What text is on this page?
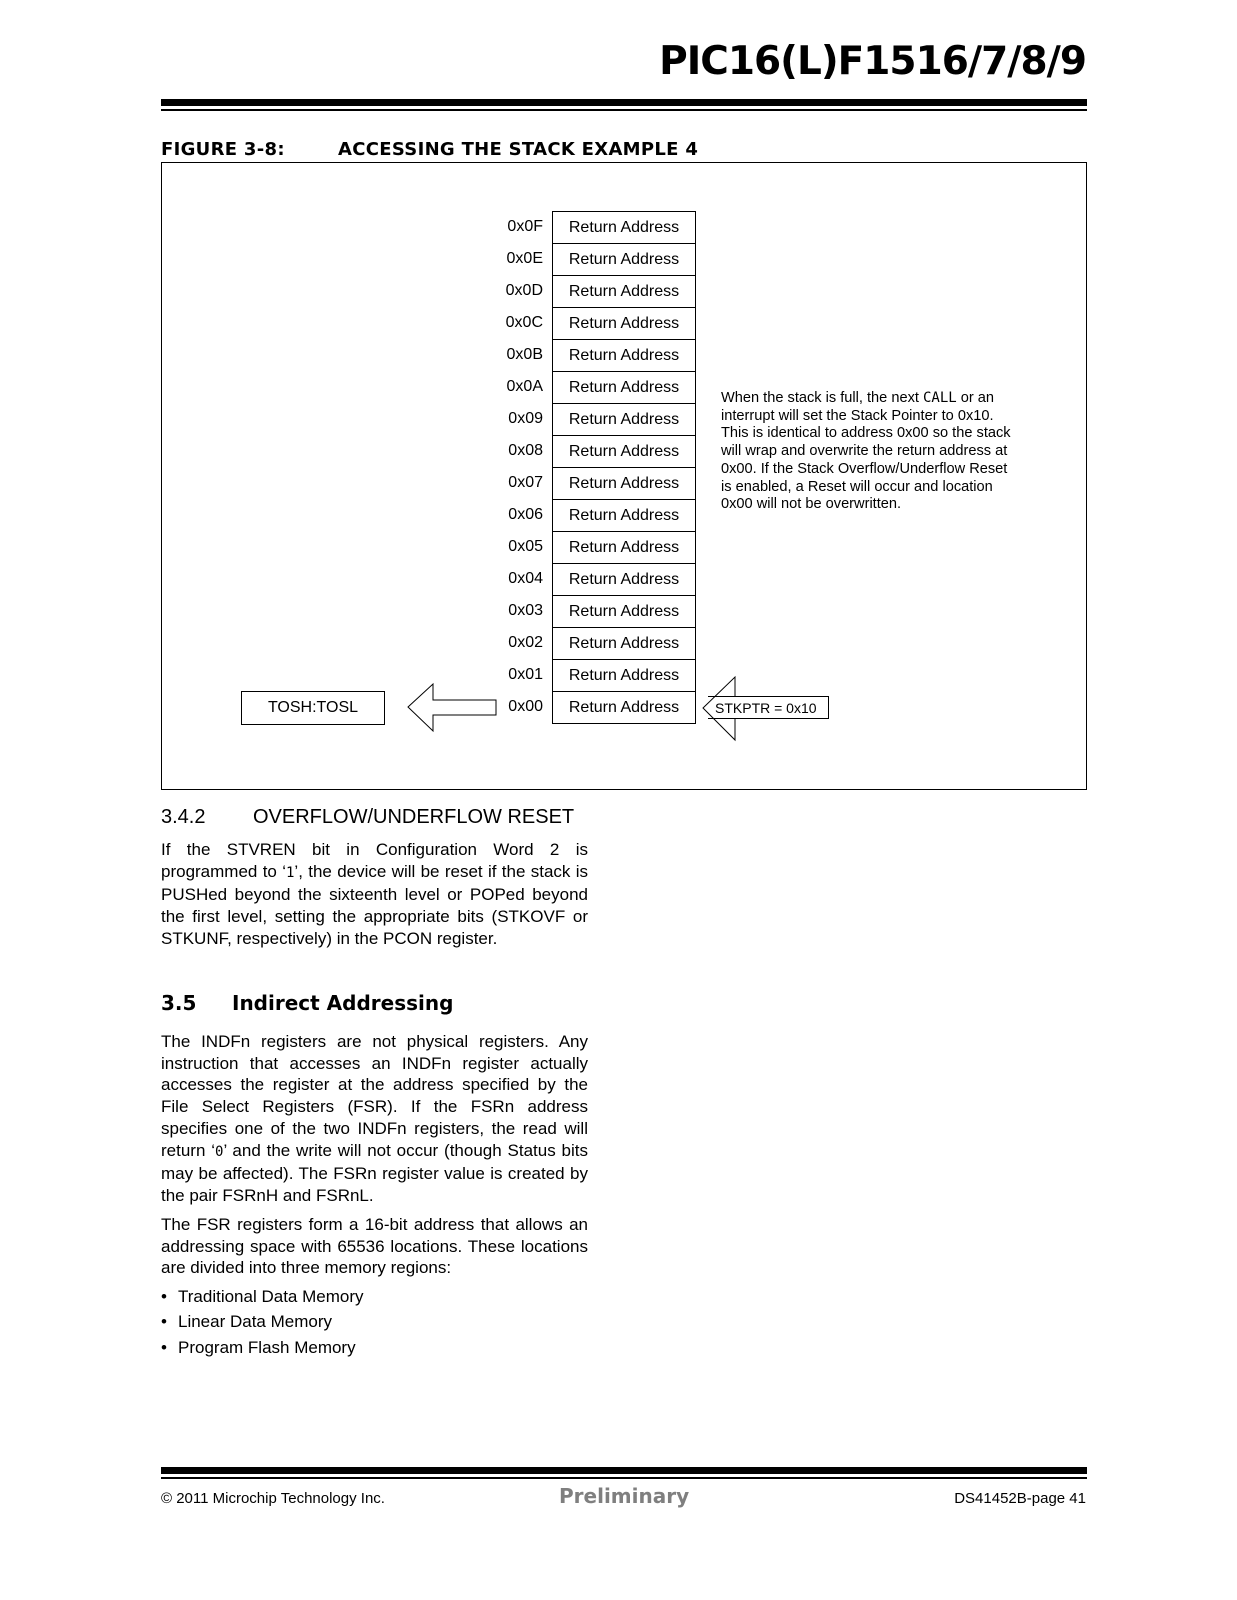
PIC16(L)F1516/7/8/9
FIGURE 3-8:	ACCESSING THE STACK EXAMPLE 4
0x0F	Return Address
0x0E	Return Address
0x0D	Return Address
0x0C	Return Address
0x0B	Return Address
0x0A	Return Address
0x09	Return Address
0x08	Return Address
0x07	Return Address
0x06	Return Address
0x05	Return Address
0x04	Return Address
0x03	Return Address
0x02	Return Address
0x01	Return Address
0x00	Return Address
When the stack is full, the next CALL or an interrupt will set the Stack Pointer to 0x10. This is identical to address 0x00 so the stack will wrap and overwrite the return address at 0x00. If the Stack Overflow/Underflow Reset is enabled, a Reset will occur and location 0x00 will not be overwritten.
TOSH:TOSL	STKPTR = 0x10
3.4.2 OVERFLOW/UNDERFLOW RESET
If the STVREN bit in Configuration Word 2 is programmed to ‘1’, the device will be reset if the stack is PUSHed beyond the sixteenth level or POPed beyond the first level, setting the appropriate bits (STKOVF or STKUNF, respectively) in the PCON register.
3.5 Indirect Addressing
The INDFn registers are not physical registers. Any instruction that accesses an INDFn register actually accesses the register at the address specified by the File Select Registers (FSR). If the FSRn address specifies one of the two INDFn registers, the read will return ‘0’ and the write will not occur (though Status bits may be affected). The FSRn register value is created by the pair FSRnH and FSRnL.
The FSR registers form a 16-bit address that allows an addressing space with 65536 locations. These locations are divided into three memory regions:
• Traditional Data Memory
• Linear Data Memory
• Program Flash Memory
© 2011 Microchip Technology Inc.	Preliminary	DS41452B-page 41
